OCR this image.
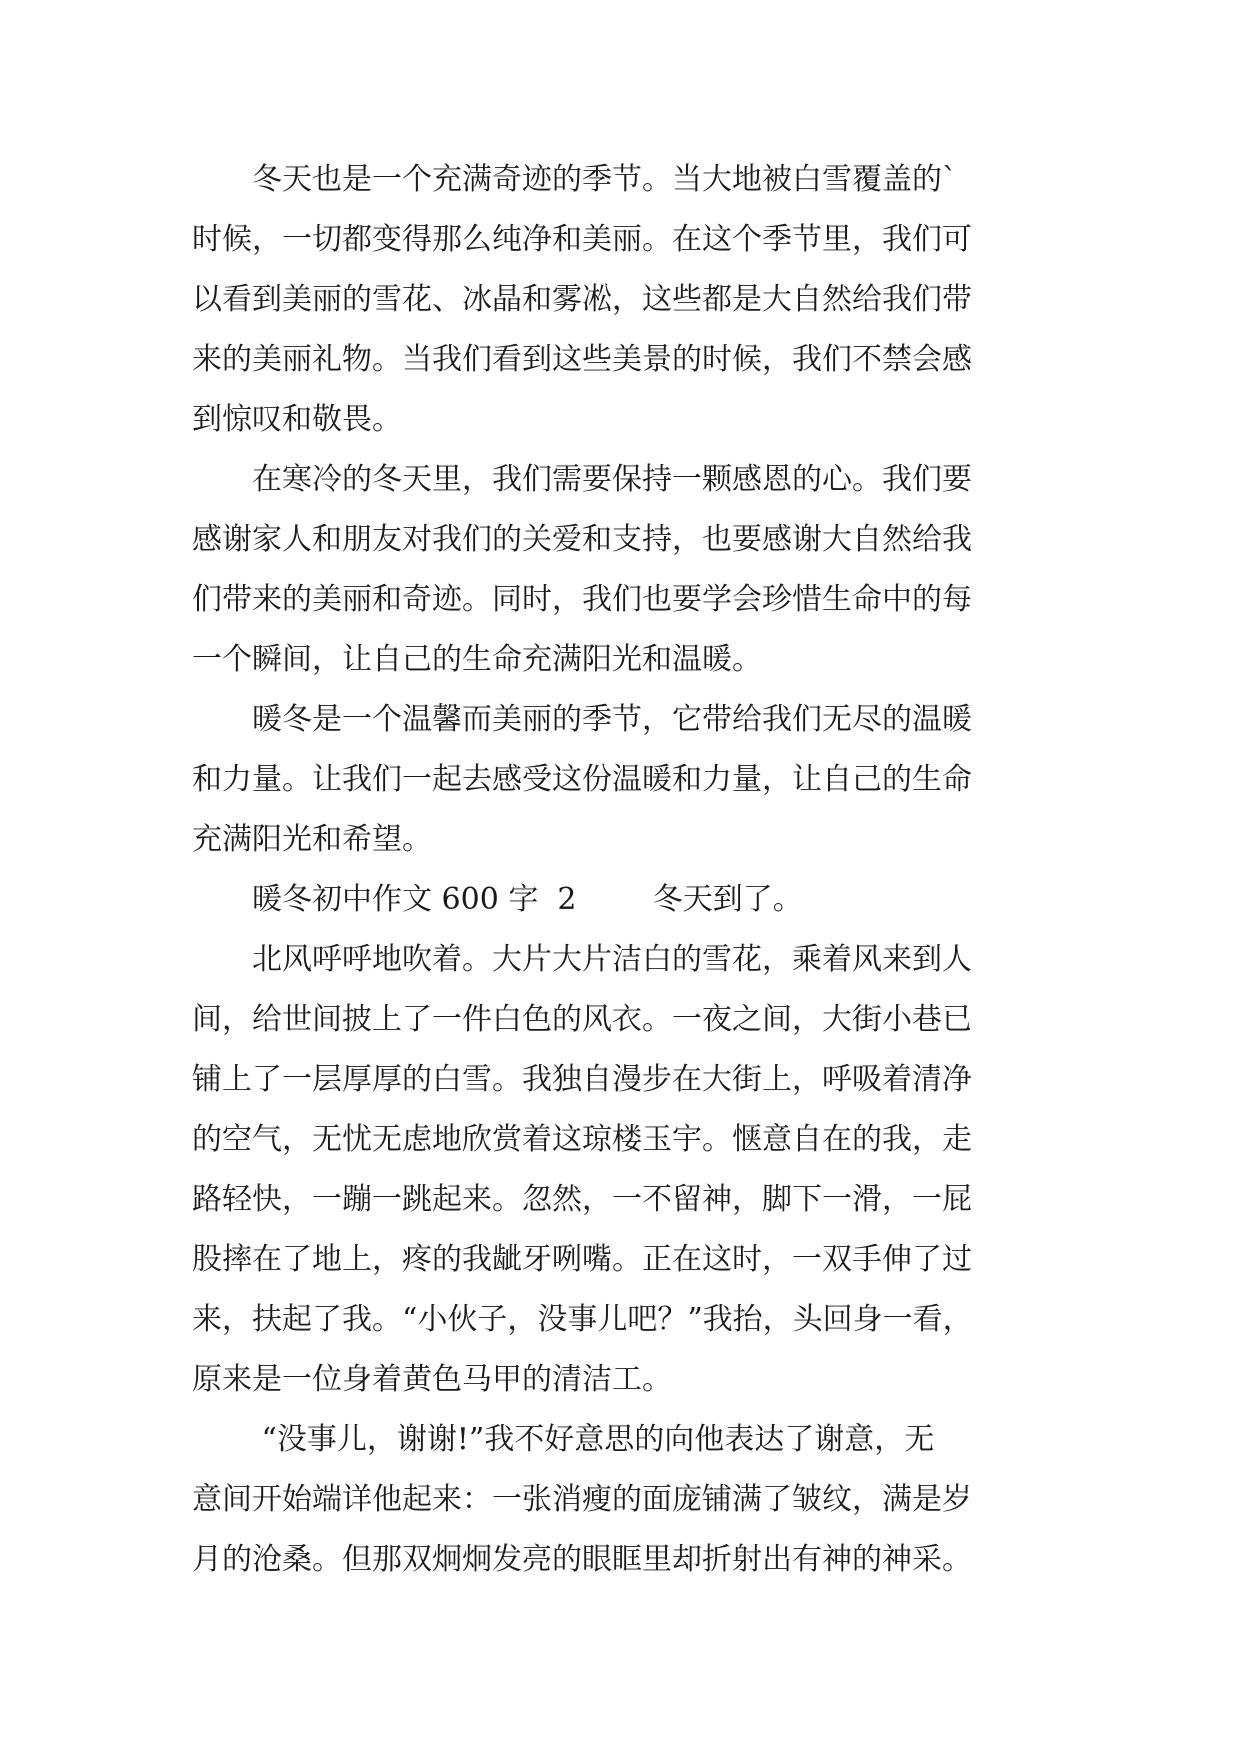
　　冬天也是一个充满奇迹的季节。当大地被白雪覆盖的`
时候，一切都变得那么纯净和美丽。在这个季节里，我们可
以看到美丽的雪花、冰晶和雾凇，这些都是大自然给我们带
来的美丽礼物。当我们看到这些美景的时候，我们不禁会感
到惊叹和敬畏。
　　在寒冷的冬天里，我们需要保持一颗感恩的心。我们要
感谢家人和朋友对我们的关爱和支持，也要感谢大自然给我
们带来的美丽和奇迹。同时，我们也要学会珍惜生命中的每
一个瞬间，让自己的生命充满阳光和温暖。
　　暖冬是一个温馨而美丽的季节，它带给我们无尽的温暖
和力量。让我们一起去感受这份温暖和力量，让自己的生命
充满阳光和希望。
　　暖冬初中作文 600 字  2        冬天到了。
　　北风呼呼地吹着。大片大片洁白的雪花，乘着风来到人
间，给世间披上了一件白色的风衣。一夜之间，大街小巷已
铺上了一层厚厚的白雪。我独自漫步在大街上，呼吸着清净
的空气，无忧无虑地欣赏着这琼楼玉宇。惬意自在的我，走
路轻快，一蹦一跳起来。忽然，一不留神，脚下一滑，一屁
股摔在了地上，疼的我龇牙咧嘴。正在这时，一双手伸了过
来，扶起了我。“小伙子，没事儿吧？”我抬，头回身一看，
原来是一位身着黄色马甲的清洁工。
　　 “没事儿，谢谢!”我不好意思的向他表达了谢意，无
意间开始端详他起来：一张消瘦的面庞铺满了皱纹，满是岁
月的沧桑。但那双炯炯发亮的眼眶里却折射出有神的神采。
